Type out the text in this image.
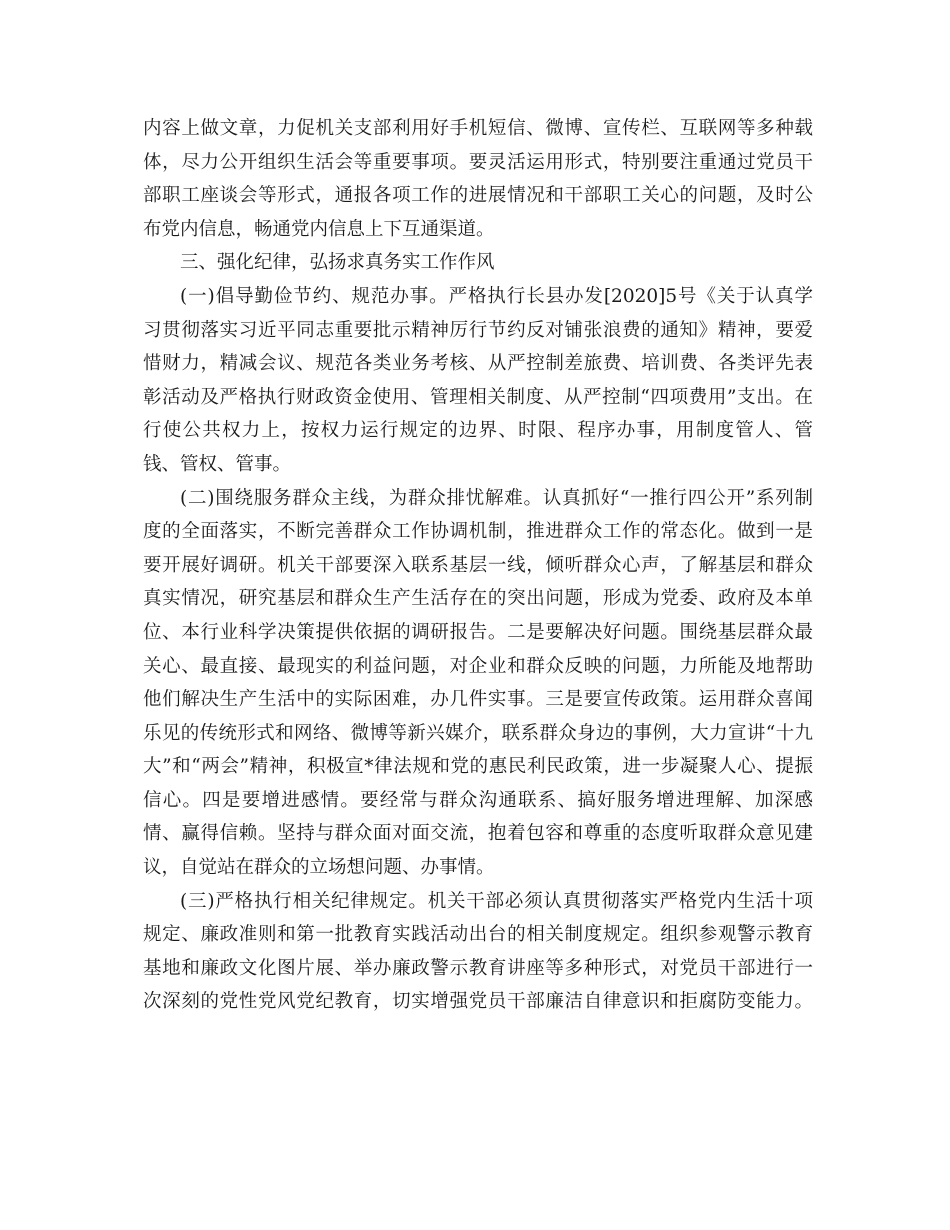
内容上做文章，力促机关支部利用好手机短信、微博、宣传栏、互联网等多种载
体，尽力公开组织生活会等重要事项。要灵活运用形式，特别要注重通过党员干
部职工座谈会等形式，通报各项工作的进展情况和干部职工关心的问题，及时公
布党内信息，畅通党内信息上下互通渠道。
三、强化纪律，弘扬求真务实工作作风
(一)倡导勤俭节约、规范办事。严格执行长县办发[2020]5号《关于认真学
习贯彻落实习近平同志重要批示精神厉行节约反对铺张浪费的通知》精神，要爱
惜财力，精减会议、规范各类业务考核、从严控制差旅费、培训费、各类评先表
彰活动及严格执行财政资金使用、管理相关制度、从严控制“四项费用”支出。在
行使公共权力上，按权力运行规定的边界、时限、程序办事，用制度管人、管
钱、管权、管事。
(二)围绕服务群众主线，为群众排忧解难。认真抓好“一推行四公开”系列制
度的全面落实，不断完善群众工作协调机制，推进群众工作的常态化。做到一是
要开展好调研。机关干部要深入联系基层一线，倾听群众心声，了解基层和群众
真实情况，研究基层和群众生产生活存在的突出问题，形成为党委、政府及本单
位、本行业科学决策提供依据的调研报告。二是要解决好问题。围绕基层群众最
关心、最直接、最现实的利益问题，对企业和群众反映的问题，力所能及地帮助
他们解决生产生活中的实际困难，办几件实事。三是要宣传政策。运用群众喜闻
乐见的传统形式和网络、微博等新兴媒介，联系群众身边的事例，大力宣讲“十九
大”和“两会”精神，积极宣*律法规和党的惠民利民政策，进一步凝聚人心、提振
信心。四是要增进感情。要经常与群众沟通联系、搞好服务增进理解、加深感
情、赢得信赖。坚持与群众面对面交流，抱着包容和尊重的态度听取群众意见建
议，自觉站在群众的立场想问题、办事情。
(三)严格执行相关纪律规定。机关干部必须认真贯彻落实严格党内生活十项
规定、廉政准则和第一批教育实践活动出台的相关制度规定。组织参观警示教育
基地和廉政文化图片展、举办廉政警示教育讲座等多种形式，对党员干部进行一
次深刻的党性党风党纪教育，切实增强党员干部廉洁自律意识和拒腐防变能力。
